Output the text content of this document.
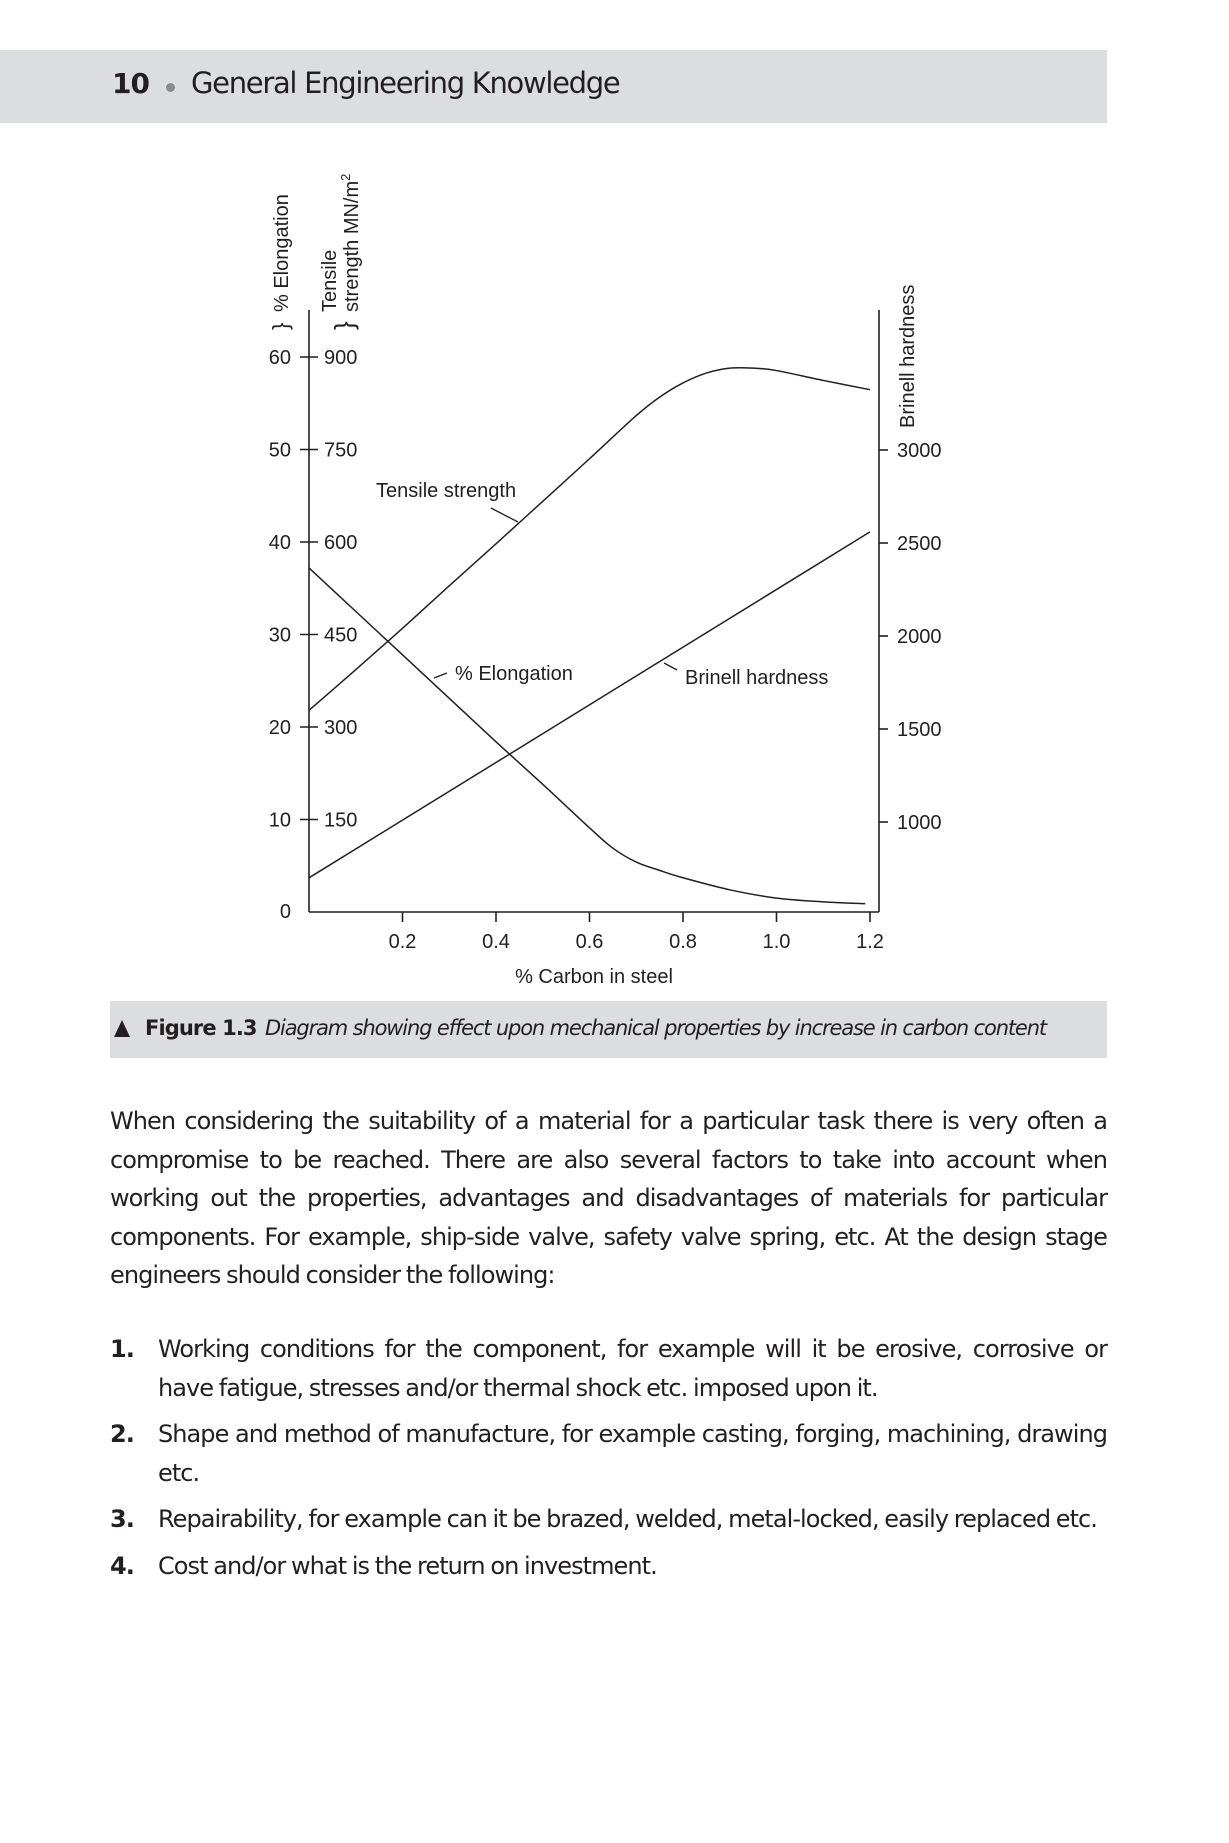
10 General Engineering Knowledge
10 150
20 300
30 450
40 600
50 750
60 900
0
1000
1500
2000
2500
3000
0.2	0.4	0.6	0.8	1.0	1.2
% Carbon in steel
}
% Elongation
}
Tensile strength $MN/m^2$
Brinell hardness
Tensile strength
% Elongation	Brinell hardness
Figure 1.3 Diagram showing effect upon mechanical properties by increase in carbon content

When considering the suitability of a material for a particular task there is very often a compromise to be reached. There are also several factors to take into account when working out the properties, advantages and disadvantages of materials for particular components. For example, ship-side valve, safety valve spring, etc. At the design stage engineers should consider the following:

1. Working conditions for the component, for example will it be erosive, corrosive or have fatigue, stresses and/or thermal shock etc. imposed upon it.
2. Shape and method of manufacture, for example casting, forging, machining, drawing etc.
3. Repairability, for example can it be brazed, welded, metal-locked, easily replaced etc.
4. Cost and/or what is the return on investment.
